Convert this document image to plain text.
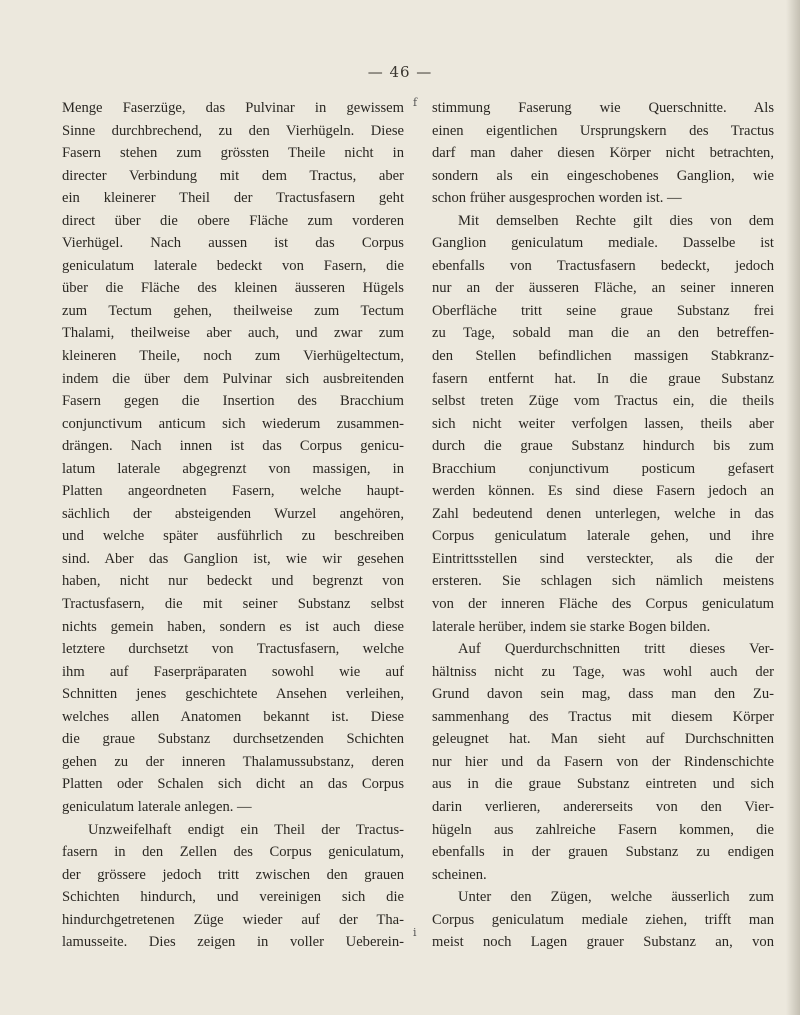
— 46 —
f
i
Menge Faserzüge, das Pulvinar in gewissem
Sinne durchbrechend, zu den Vierhügeln. Diese
Fasern stehen zum grössten Theile nicht in
directer Verbindung mit dem Tractus, aber
ein kleinerer Theil der Tractusfasern geht
direct über die obere Fläche zum vorderen
Vierhügel. Nach aussen ist das Corpus
geniculatum laterale bedeckt von Fasern, die
über die Fläche des kleinen äusseren Hügels
zum Tectum gehen, theilweise zum Tectum
Thalami, theilweise aber auch, und zwar zum
kleineren Theile, noch zum Vierhügeltectum,
indem die über dem Pulvinar sich ausbreitenden
Fasern gegen die Insertion des Bracchium
conjunctivum anticum sich wiederum zusammen-
drängen. Nach innen ist das Corpus genicu-
latum laterale abgegrenzt von massigen, in
Platten angeordneten Fasern, welche haupt-
sächlich der absteigenden Wurzel angehören,
und welche später ausführlich zu beschreiben
sind. Aber das Ganglion ist, wie wir gesehen
haben, nicht nur bedeckt und begrenzt von
Tractusfasern, die mit seiner Substanz selbst
nichts gemein haben, sondern es ist auch diese
letztere durchsetzt von Tractusfasern, welche
ihm auf Faserpräparaten sowohl wie auf
Schnitten jenes geschichtete Ansehen verleihen,
welches allen Anatomen bekannt ist. Diese
die graue Substanz durchsetzenden Schichten
gehen zu der inneren Thalamussubstanz, deren
Platten oder Schalen sich dicht an das Corpus
geniculatum laterale anlegen. —
Unzweifelhaft endigt ein Theil der Tractus-
fasern in den Zellen des Corpus geniculatum,
der grössere jedoch tritt zwischen den grauen
Schichten hindurch, und vereinigen sich die
hindurchgetretenen Züge wieder auf der Tha-
lamusseite. Dies zeigen in voller Ueberein-
stimmung Faserung wie Querschnitte. Als
einen eigentlichen Ursprungskern des Tractus
darf man daher diesen Körper nicht betrachten,
sondern als ein eingeschobenes Ganglion, wie
schon früher ausgesprochen worden ist. —
Mit demselben Rechte gilt dies von dem
Ganglion geniculatum mediale. Dasselbe ist
ebenfalls von Tractusfasern bedeckt, jedoch
nur an der äusseren Fläche, an seiner inneren
Oberfläche tritt seine graue Substanz frei
zu Tage, sobald man die an den betreffen-
den Stellen befindlichen massigen Stabkranz-
fasern entfernt hat. In die graue Substanz
selbst treten Züge vom Tractus ein, die theils
sich nicht weiter verfolgen lassen, theils aber
durch die graue Substanz hindurch bis zum
Bracchium conjunctivum posticum gefasert
werden können. Es sind diese Fasern jedoch an
Zahl bedeutend denen unterlegen, welche in das
Corpus geniculatum laterale gehen, und ihre
Eintrittsstellen sind versteckter, als die der
ersteren. Sie schlagen sich nämlich meistens
von der inneren Fläche des Corpus geniculatum
laterale herüber, indem sie starke Bogen bilden.
Auf Querdurchschnitten tritt dieses Ver-
hältniss nicht zu Tage, was wohl auch der
Grund davon sein mag, dass man den Zu-
sammenhang des Tractus mit diesem Körper
geleugnet hat. Man sieht auf Durchschnitten
nur hier und da Fasern von der Rindenschichte
aus in die graue Substanz eintreten und sich
darin verlieren, andererseits von den Vier-
hügeln aus zahlreiche Fasern kommen, die
ebenfalls in der grauen Substanz zu endigen
scheinen.
Unter den Zügen, welche äusserlich zum
Corpus geniculatum mediale ziehen, trifft man
meist noch Lagen grauer Substanz an, von
